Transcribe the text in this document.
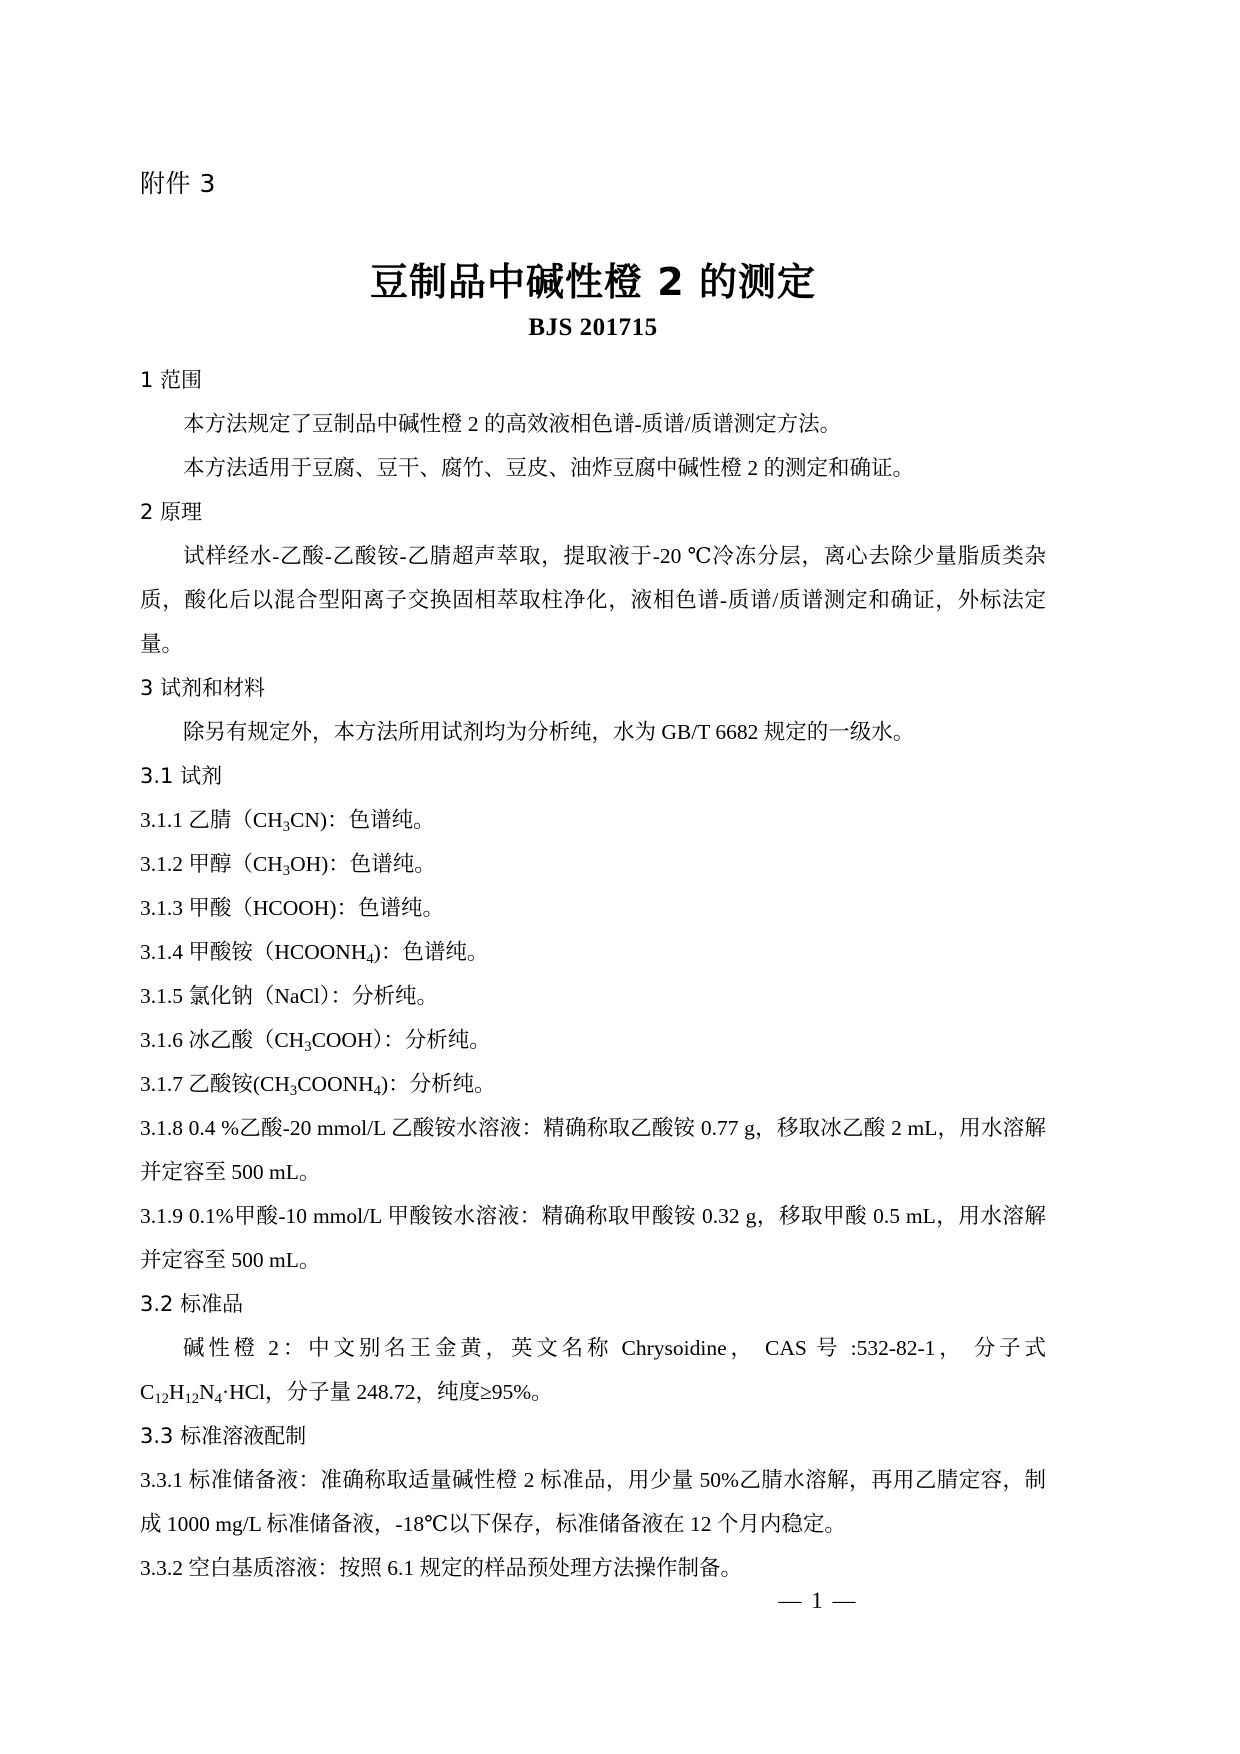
附件 3
豆制品中碱性橙 2 的测定
BJS 201715
1 范围

本方法规定了豆制品中碱性橙 2 的高效液相色谱-质谱/质谱测定方法。

本方法适用于豆腐、豆干、腐竹、豆皮、油炸豆腐中碱性橙 2 的测定和确证。

2 原理

试样经水-乙酸-乙酸铵-乙腈超声萃取，提取液于-20 ℃冷冻分层，离心去除少量脂质类杂质，酸化后以混合型阳离子交换固相萃取柱净化，液相色谱-质谱/质谱测定和确证，外标法定量。

3 试剂和材料

除另有规定外，本方法所用试剂均为分析纯，水为 GB/T 6682 规定的一级水。

3.1 试剂

3.1.1 乙腈$(CH_3CN)$：色谱纯。

3.1.2 甲醇$(CH_3OH)$：色谱纯。

3.1.3 甲酸（HCOOH)：色谱纯。

3.1.4 甲酸铵$(HCOONH_4)$：色谱纯。

3.1.5 氯化钠（NaCl）：分析纯。

3.1.6 冰乙酸$(CH_3COOH)$：分析纯。

3.1.7 乙酸铵$(CH_3COONH_4)$：分析纯。

3.1.8 0.4 %乙酸-20 mmol/L 乙酸铵水溶液：精确称取乙酸铵 0.77 g，移取冰乙酸 2 mL，用水溶解并定容至 500 mL。

3.1.9 0.1%甲酸-10 mmol/L 甲酸铵水溶液：精确称取甲酸铵 0.32 g，移取甲酸 0.5 mL，用水溶解并定容至 500 mL。

3.2 标准品

碱性橙 2：中文别名王金黄，英文名称 Chrysoidine， CAS 号 :532-82-1， 分子式

$C_{12}H_{12}N_4\cdot HCl$，分子量 248.72，纯度≥95%。

3.3 标准溶液配制

3.3.1 标准储备液：准确称取适量碱性橙 2 标准品，用少量 50%乙腈水溶解，再用乙腈定容，制成 1000 mg/L 标准储备液，-18℃以下保存，标准储备液在 12 个月内稳定。

3.3.2 空白基质溶液：按照 6.1 规定的样品预处理方法操作制备。

— 1 —
